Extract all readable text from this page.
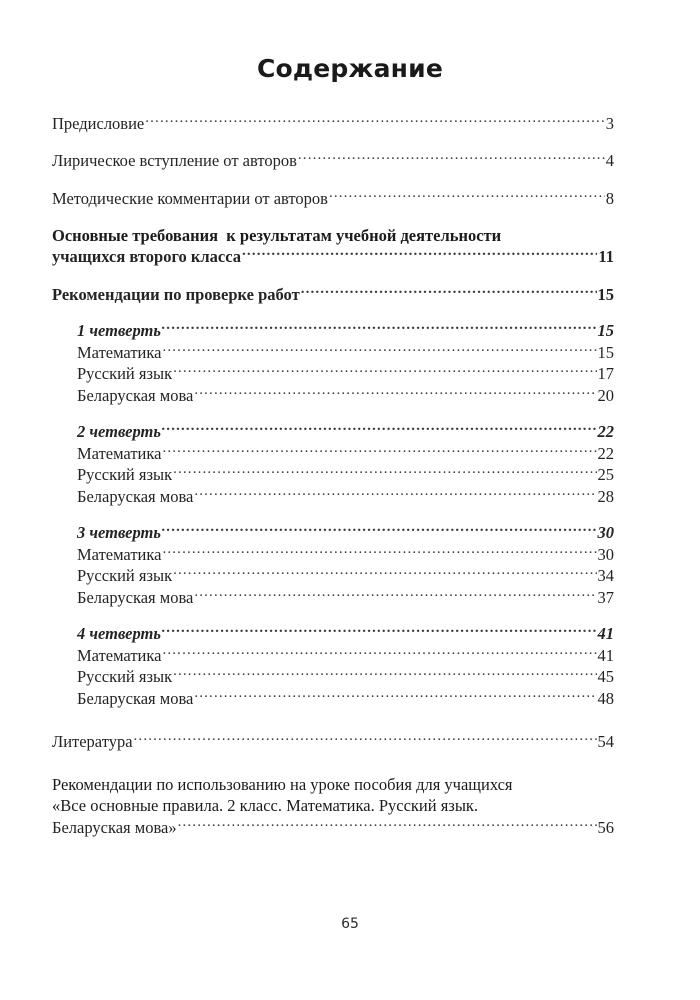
Содержание
Предисловие .....	3
Лирическое вступление от авторов .....	4
Методические комментарии от авторов .....	8
Основные требования  к результатам учебной деятельности
учащихся второго класса .....	11
Рекомендации по проверке работ .....	15
1 четверть .....	15
Математика .....	15
Русский язык .....	17
Беларуская мова .....	20
2 четверть .....	22
Математика .....	22
Русский язык .....	25
Беларуская мова .....	28
3 четверть .....	30
Математика .....	30
Русский язык .....	34
Беларуская мова .....	37
4 четверть .....	41
Математика .....	41
Русский язык .....	45
Беларуская мова .....	48
Литература .....	54
Рекомендации по использованию на уроке пособия для учащихся
«Все основные правила. 2 класс. Математика. Русский язык.
Беларуская мова» .....	56
65
